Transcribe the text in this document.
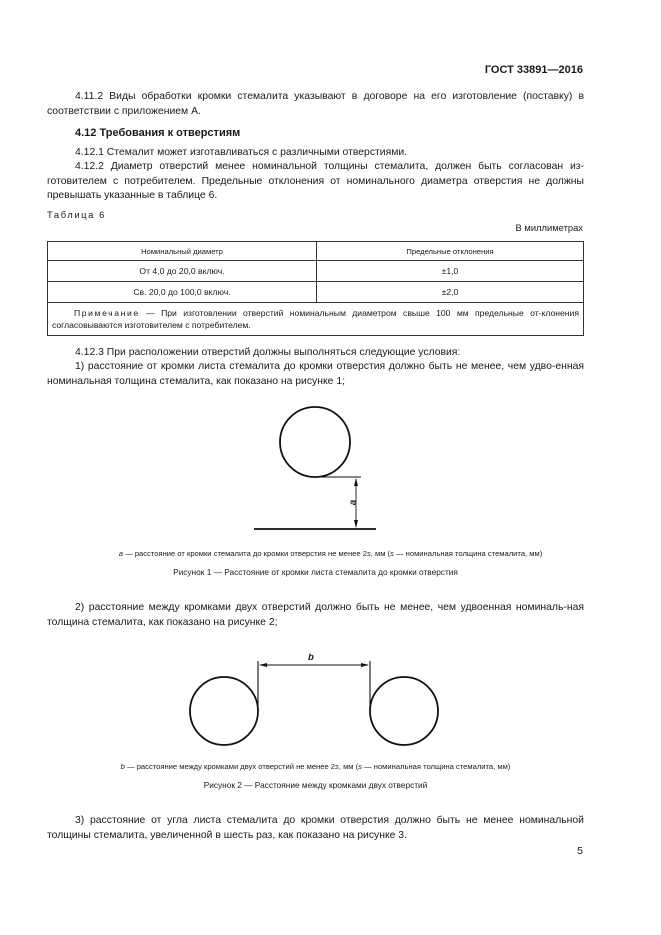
ГОСТ 33891—2016
4.11.2 Виды обработки кромки стемалита указывают в договоре на его изготовление (поставку) в соответствии с приложением А.
4.12 Требования к отверстиям
4.12.1 Стемалит может изготавливаться с различными отверстиями.
4.12.2 Диаметр отверстий менее номинальной толщины стемалита, должен быть согласован из-готовителем с потребителем. Предельные отклонения от номинального диаметра отверстия не должны превышать указанные в таблице 6.
Таблица 6
В миллиметрах
Номинальный диаметр	Предельные отклонения
От 4,0 до 20,0 включ.	±1,0
Св. 20,0 до 100,0 включ.	±2,0
Примечание — При изготовлении отверстий номинальным диаметром свыше 100 мм предельные от-клонения согласовываются изготовителем с потребителем.	
4.12.3 При расположении отверстий должны выполняться следующие условия:
1) расстояние от кромки листа стемалита до кромки отверстия должно быть не менее, чем удво-енная номинальная толщина стемалита, как показано на рисунке 1;
a
a — расстояние от кромки стемалита до кромки отверстия не менее 2s, мм (s — номинальная толщина стемалита, мм)
Рисунок 1 — Расстояние от кромки листа стемалита до кромки отверстия
2) расстояние между кромками двух отверстий должно быть не менее, чем удвоенная номиналь-ная толщина стемалита, как показано на рисунке 2;
b
b — расстояние между кромками двух отверстий не менее 2s, мм (s — номинальная толщина стемалита, мм)
Рисунок 2 — Расстояние между кромками двух отверстий
3) расстояние от угла листа стемалита до кромки отверстия должно быть не менее номинальной толщины стемалита, увеличенной в шесть раз, как показано на рисунке 3.
5
